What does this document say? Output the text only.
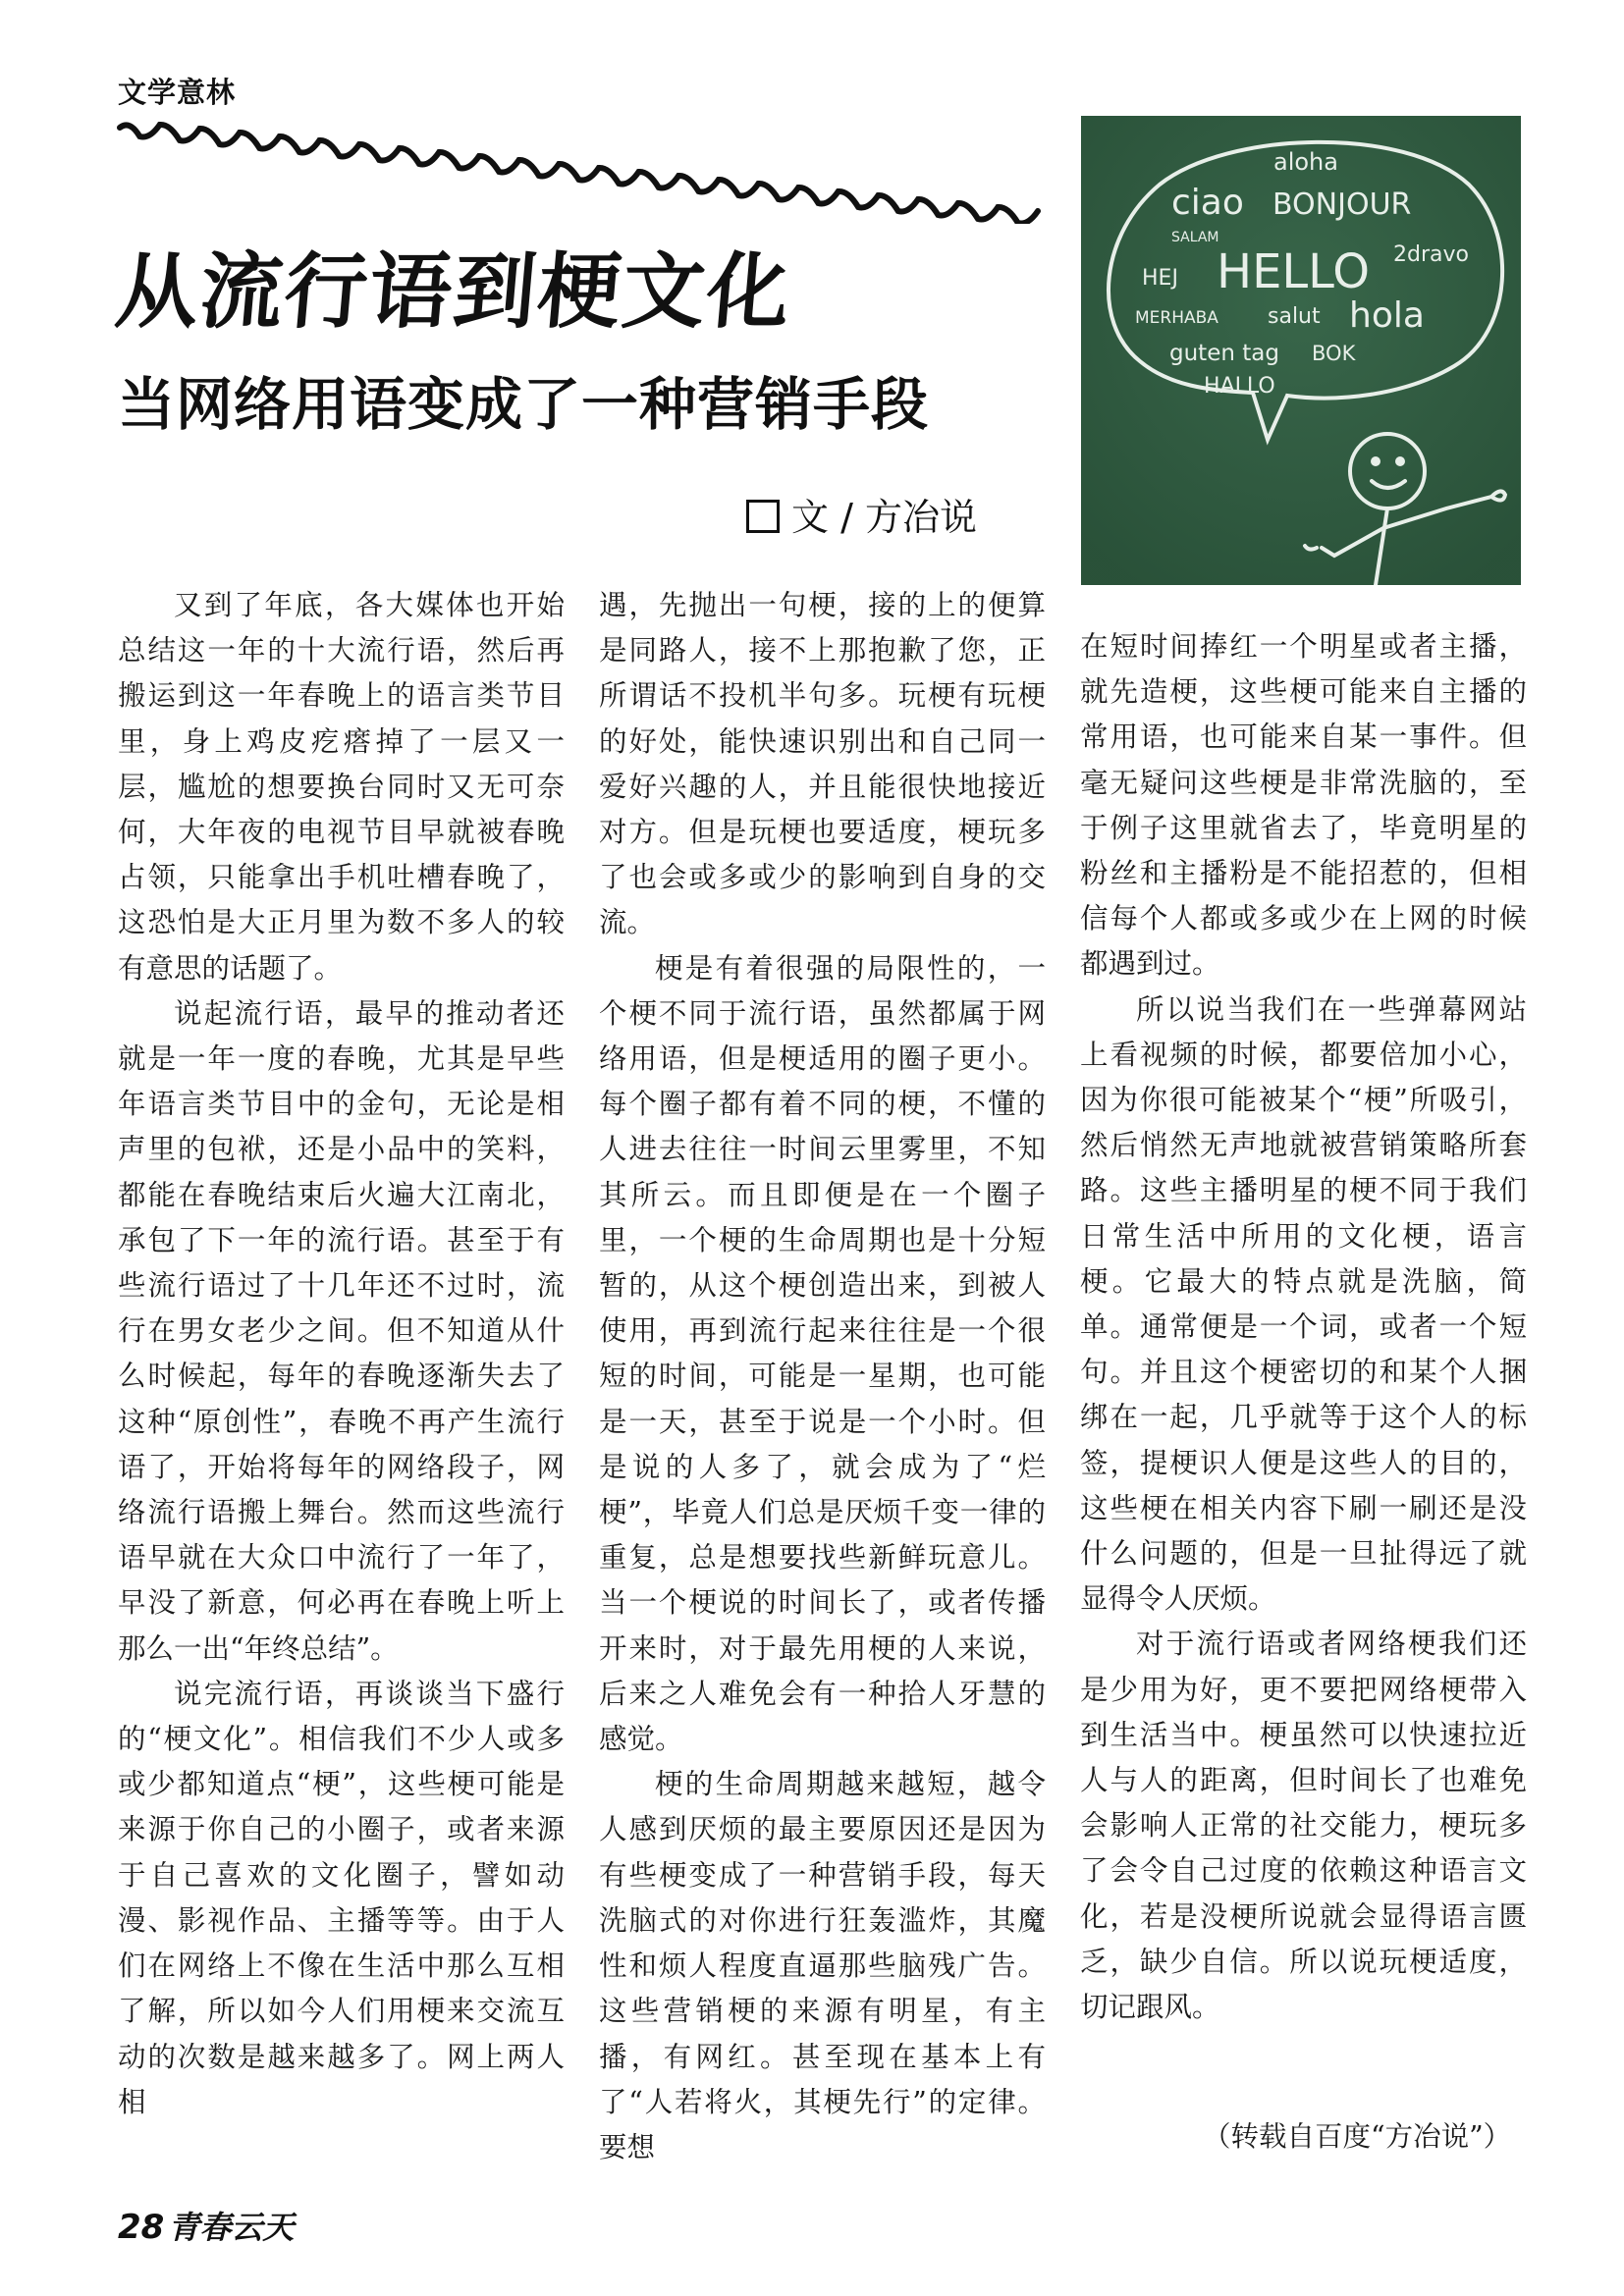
文学意林
从流行语到梗文化
当网络用语变成了一种营销手段
文 / 方冶说
aloha
ciao BONJOUR
SALAM
2dravo
HEJ HELLO
MERHABA salut hola
guten tag BOK
HALLO

又到了年底，各大媒体也开始总结这一年的十大流行语，然后再搬运到这一年春晚上的语言类节目里，身上鸡皮疙瘩掉了一层又一层，尴尬的想要换台同时又无可奈何，大年夜的电视节目早就被春晚占领，只能拿出手机吐槽春晚了，这恐怕是大正月里为数不多人的较有意思的话题了。

说起流行语，最早的推动者还就是一年一度的春晚，尤其是早些年语言类节目中的金句，无论是相声里的包袱，还是小品中的笑料，都能在春晚结束后火遍大江南北，承包了下一年的流行语。甚至于有些流行语过了十几年还不过时，流行在男女老少之间。但不知道从什么时候起，每年的春晚逐渐失去了这种“原创性”，春晚不再产生流行语了，开始将每年的网络段子，网络流行语搬上舞台。然而这些流行语早就在大众口中流行了一年了，早没了新意，何必再在春晚上听上那么一出“年终总结”。

说完流行语，再谈谈当下盛行的“梗文化”。相信我们不少人或多或少都知道点“梗”，这些梗可能是来源于你自己的小圈子，或者来源于自己喜欢的文化圈子，譬如动漫、影视作品、主播等等。由于人们在网络上不像在生活中那么互相了解，所以如今人们用梗来交流互动的次数是越来越多了。网上两人相

遇，先抛出一句梗，接的上的便算是同路人，接不上那抱歉了您，正所谓话不投机半句多。玩梗有玩梗的好处，能快速识别出和自己同一爱好兴趣的人，并且能很快地接近对方。但是玩梗也要适度，梗玩多了也会或多或少的影响到自身的交流。

梗是有着很强的局限性的，一个梗不同于流行语，虽然都属于网络用语，但是梗适用的圈子更小。每个圈子都有着不同的梗，不懂的人进去往往一时间云里雾里，不知其所云。而且即便是在一个圈子里，一个梗的生命周期也是十分短暂的，从这个梗创造出来，到被人使用，再到流行起来往往是一个很短的时间，可能是一星期，也可能是一天，甚至于说是一个小时。但是说的人多了，就会成为了“烂梗”，毕竟人们总是厌烦千变一律的重复，总是想要找些新鲜玩意儿。当一个梗说的时间长了，或者传播开来时，对于最先用梗的人来说，后来之人难免会有一种拾人牙慧的感觉。

梗的生命周期越来越短，越令人感到厌烦的最主要原因还是因为有些梗变成了一种营销手段，每天洗脑式的对你进行狂轰滥炸，其魔性和烦人程度直逼那些脑残广告。这些营销梗的来源有明星，有主播，有网红。甚至现在基本上有了“人若将火，其梗先行”的定律。要想

在短时间捧红一个明星或者主播，就先造梗，这些梗可能来自主播的常用语，也可能来自某一事件。但毫无疑问这些梗是非常洗脑的，至于例子这里就省去了，毕竟明星的粉丝和主播粉是不能招惹的，但相信每个人都或多或少在上网的时候都遇到过。

所以说当我们在一些弹幕网站上看视频的时候，都要倍加小心，因为你很可能被某个“梗”所吸引，然后悄然无声地就被营销策略所套路。这些主播明星的梗不同于我们日常生活中所用的文化梗，语言梗。它最大的特点就是洗脑，简单。通常便是一个词，或者一个短句。并且这个梗密切的和某个人捆绑在一起，几乎就等于这个人的标签，提梗识人便是这些人的目的，这些梗在相关内容下刷一刷还是没什么问题的，但是一旦扯得远了就显得令人厌烦。

对于流行语或者网络梗我们还是少用为好，更不要把网络梗带入到生活当中。梗虽然可以快速拉近人与人的距离，但时间长了也难免会影响人正常的社交能力，梗玩多了会令自己过度的依赖这种语言文化，若是没梗所说就会显得语言匮乏，缺少自信。所以说玩梗适度，切记跟风。

（转载自百度“方冶说”）
28 青春云天
